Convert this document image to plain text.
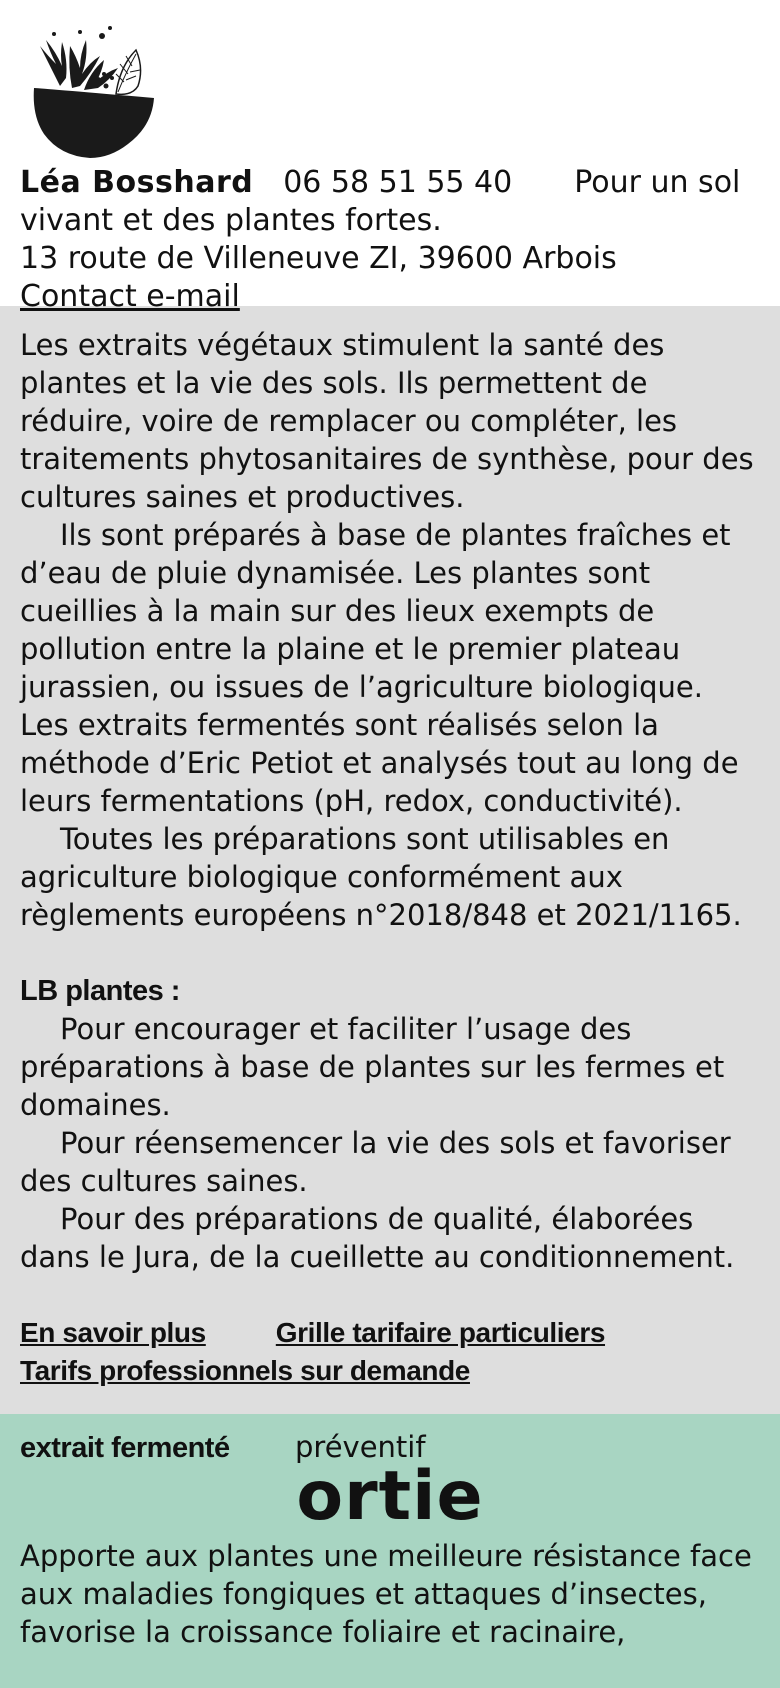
Léa Bosshard 06 58 51 55 40 Pour un sol vivant et des plantes fortes.
13 route de Villeneuve ZI, 39600 Arbois
Contact e-mail

Les extraits végétaux stimulent la santé des plantes et la vie des sols. Ils permettent de réduire, voire de remplacer ou compléter, les traitements phytosanitaires de synthèse, pour des cultures saines et productives.

Ils sont préparés à base de plantes fraîches et d’eau de pluie dynamisée. Les plantes sont cueillies à la main sur des lieux exempts de pollution entre la plaine et le premier plateau jurassien, ou issues de l’agriculture biologique. Les extraits fermentés sont réalisés selon la méthode d’Eric Petiot et analysés tout au long de leurs fermentations (pH, redox, conductivité).

Toutes les préparations sont utilisables en agriculture biologique conformément aux règlements européens n°2018/848 et 2021/1165.

LB plantes :

Pour encourager et faciliter l’usage des préparations à base de plantes sur les fermes et domaines.

Pour réensemencer la vie des sols et favoriser des cultures saines.

Pour des préparations de qualité, élaborées dans le Jura, de la cueillette au conditionnement.

En savoir plus	Grille tarifaire particuliers
Tarifs professionnels sur demande
extrait fermenté préventif
ortie
Apporte aux plantes une meilleure résistance face aux maladies fongiques et attaques d’insectes, favorise la croissance foliaire et racinaire,
